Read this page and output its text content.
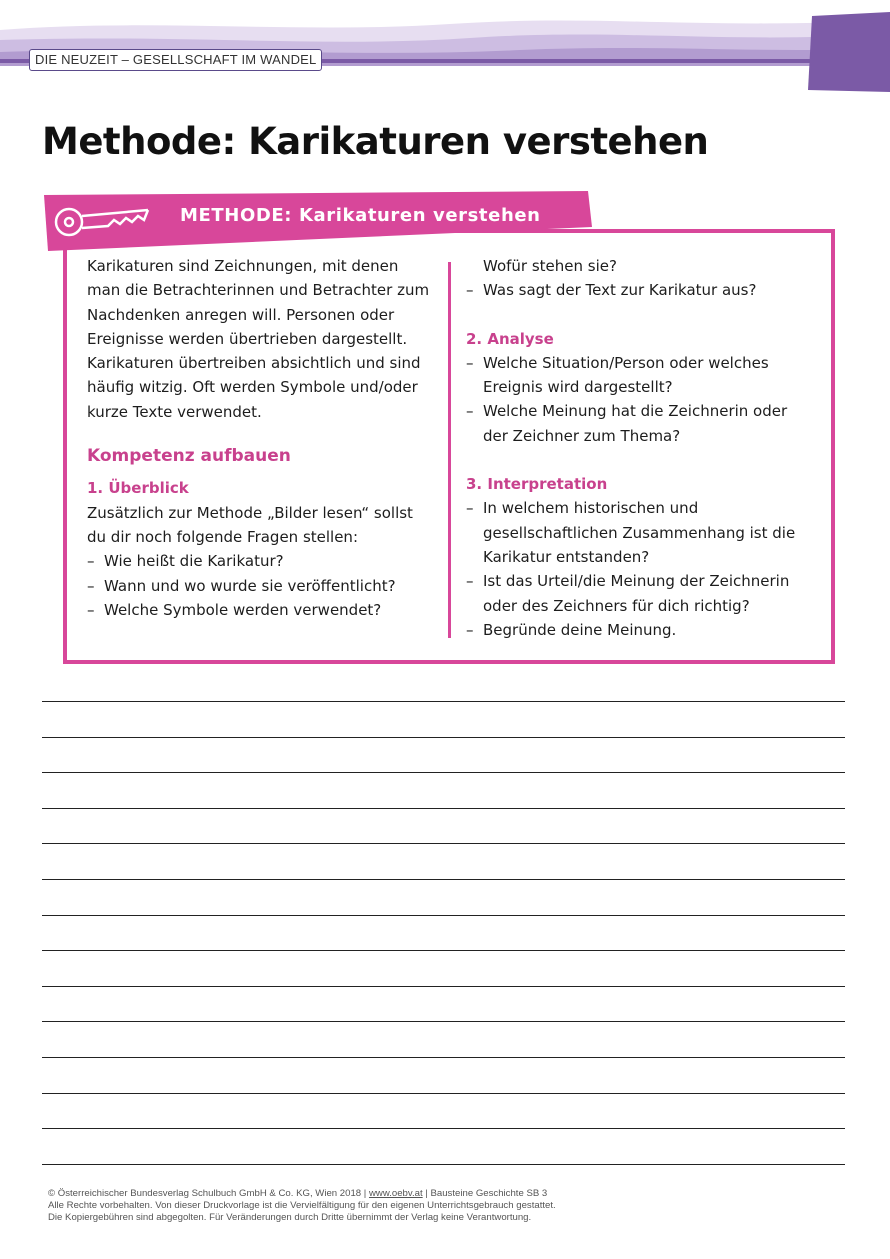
DIE NEUZEIT – GESELLSCHAFT IM WANDEL
Methode: Karikaturen verstehen
METHODE: Karikaturen verstehen

Karikaturen sind Zeichnungen, mit denen man die Betrachterinnen und Betrachter zum Nachdenken anregen will. Personen oder Ereignisse werden übertrieben dargestellt. Karikaturen übertreiben absichtlich und sind häufig witzig. Oft werden Symbole und/oder kurze Texte verwendet.

Kompetenz aufbauen

1. Überblick

Zusätzlich zur Methode „Bilder lesen“ sollst du dir noch folgende Fragen stellen:

– Wie heißt die Karikatur?

– Wann und wo wurde sie veröffentlicht?

– Welche Symbole werden verwendet?

Wofür stehen sie?

– Was sagt der Text zur Karikatur aus?

2. Analyse

– Welche Situation/Person oder welches Ereignis wird dargestellt?

– Welche Meinung hat die Zeichnerin oder der Zeichner zum Thema?

3. Interpretation

– In welchem historischen und gesellschaftlichen Zusammenhang ist die Karikatur entstanden?

– Ist das Urteil/die Meinung der Zeichnerin oder des Zeichners für dich richtig?

– Begründe deine Meinung.

© Österreichischer Bundesverlag Schulbuch GmbH & Co. KG, Wien 2018 | www.oebv.at | Bausteine Geschichte SB 3
Alle Rechte vorbehalten. Von dieser Druckvorlage ist die Vervielfältigung für den eigenen Unterrichtsgebrauch gestattet.
Die Kopiergebühren sind abgegolten. Für Veränderungen durch Dritte übernimmt der Verlag keine Verantwortung.
